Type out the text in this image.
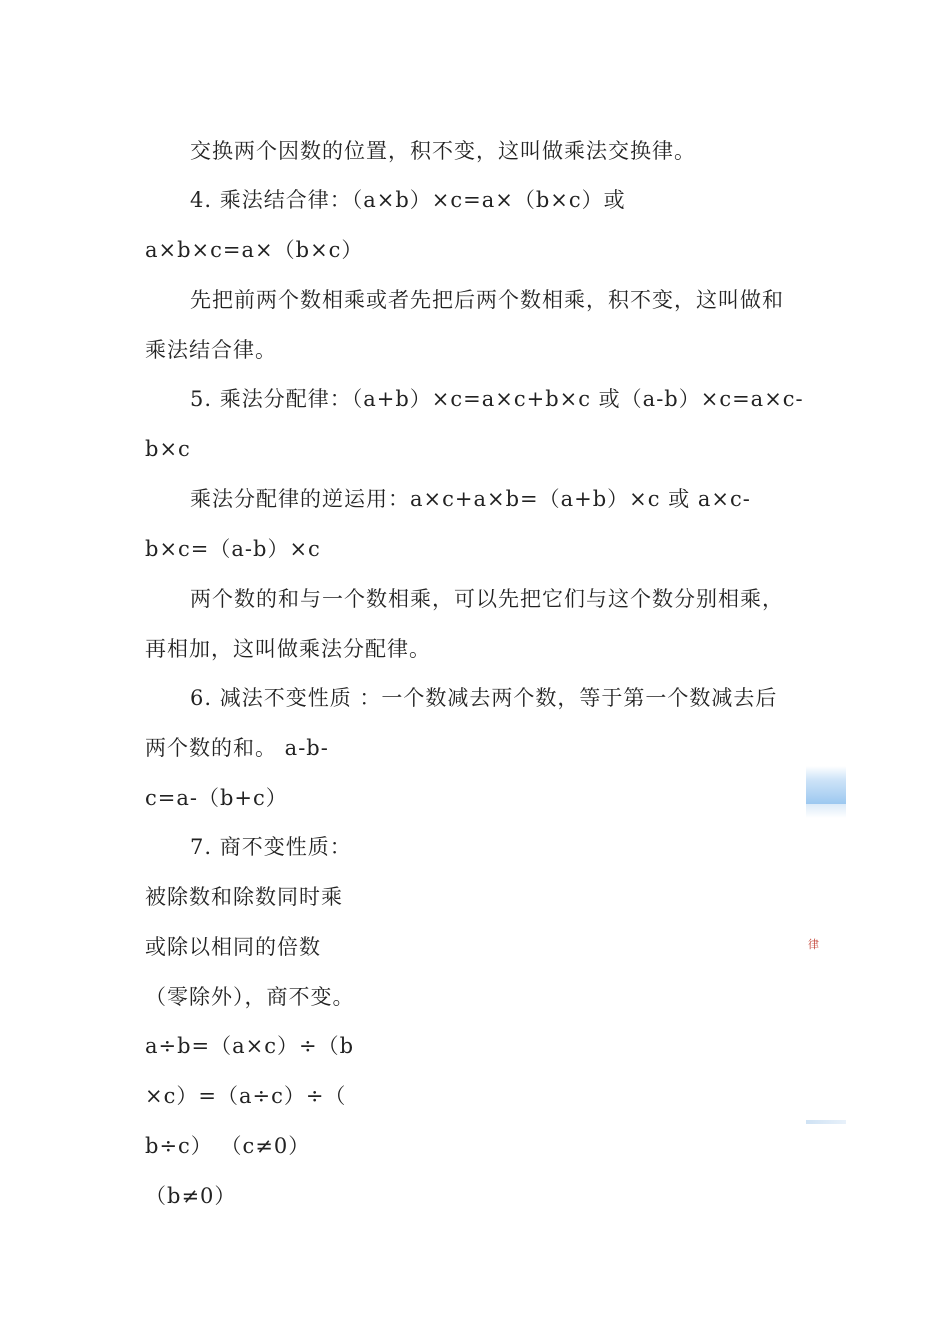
交换两个因数的位置，积不变，这叫做乘法交换律。
4. 乘法结合律：（a×b）×c=a×（b×c）或
a×b×c=a×（b×c）
先把前两个数相乘或者先把后两个数相乘，积不变，这叫做和
乘法结合律。
5. 乘法分配律：（a+b）×c=a×c+b×c 或（a-b）×c=a×c-
b×c
乘法分配律的逆运用：a×c+a×b=（a+b）×c 或 a×c-
b×c=（a-b）×c
两个数的和与一个数相乘，可以先把它们与这个数分别相乘，
再相加，这叫做乘法分配律。
6. 减法不变性质 ：一个数减去两个数，等于第一个数减去后
两个数的和。 a-b-
c=a-（b+c）
7. 商不变性质：
被除数和除数同时乘
或除以相同的倍数
（零除外），商不变。
a÷b=（a×c）÷（b
×c）=（a÷c）÷（
b÷c） （c≠0）
（b≠0）
律
